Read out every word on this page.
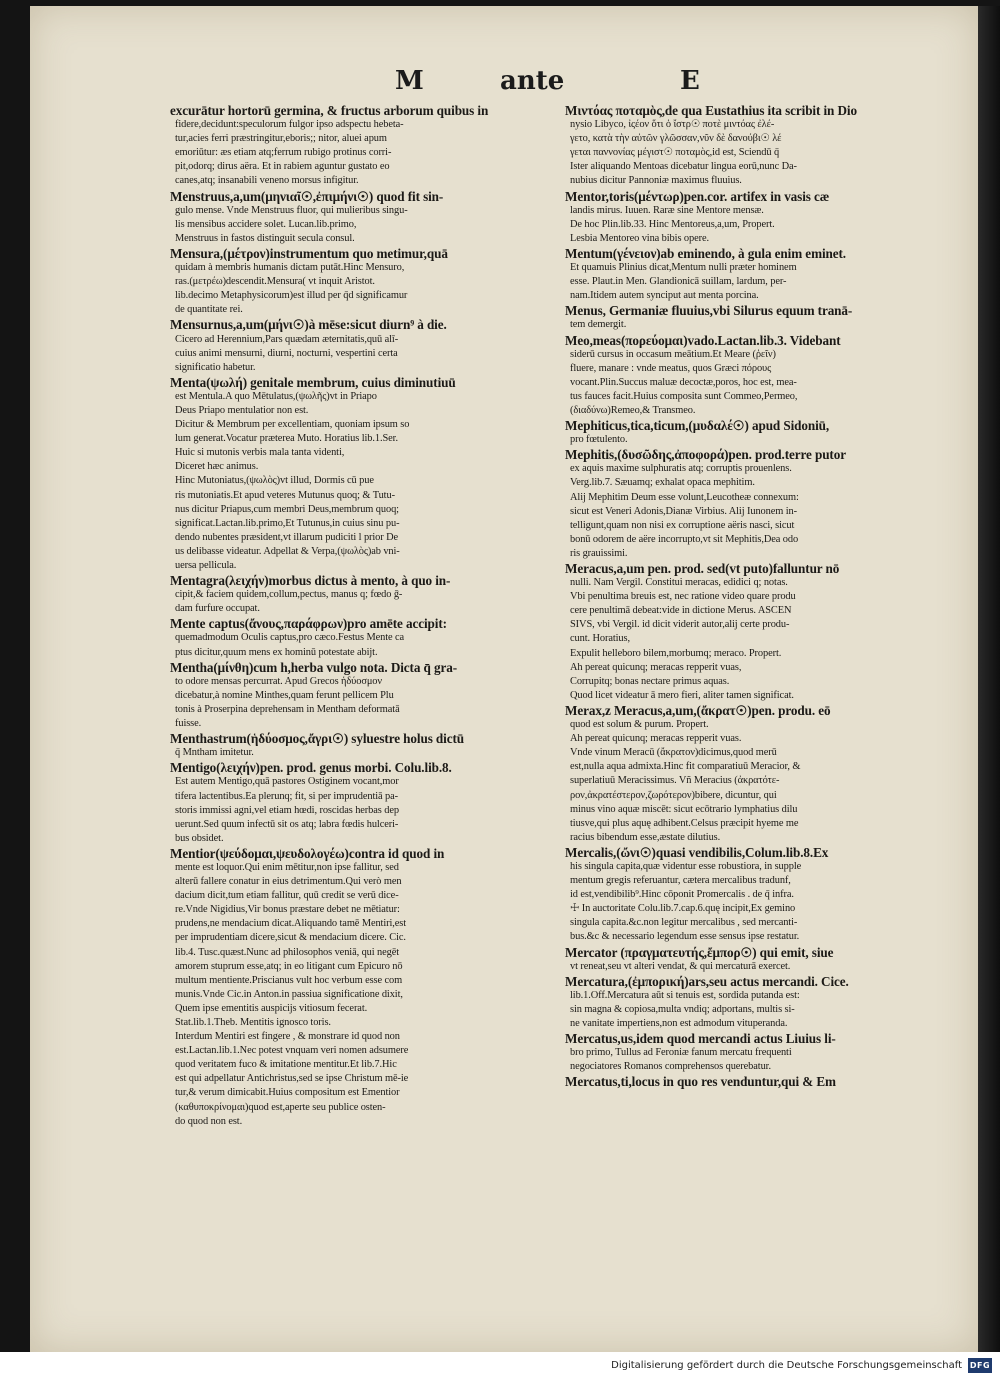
M	ante	E
excurātur hortorū germina, & fructus arborum quibus in
fidere,decidunt:speculorum fulgor ipso adspectu hebeta-
tur,acies ferri præstringitur,eboris;; nitor, aluei apum
emoriūtur: æs etiam atq;ferrum rubigo protinus corri-
pit,odorq; dirus aëra. Et in rabiem aguntur gustato eo
canes,atq; insanabili veneno morsus infigitur.
Menstruus,a,um(μηνιαῖ☉,ἐπιμήνι☉) quod fit sin-
gulo mense. Vnde Menstruus fluor, qui mulieribus singu-
lis mensibus accidere solet. Lucan.lib.primo,
Menstruus in fastos distinguit secula consul.
Mensura,(μέτρον)instrumentum quo metimur,quā
quidam à membris humanis dictam putāt.Hinc Mensuro,
ras.(μετρέω)descendit.Mensura( vt inquit Aristot.
lib.decimo Metaphysicorum)est illud per q̄d significamur
de quantitate rei.
Mensurnus,a,um(μήνι☉)à mēse:sicut diurn⁹ à die.
Cicero ad Herennium,Pars quædam æternitatis,quū alī-
cuius animi mensurni, diurni, nocturni, vespertini certa
significatio habetur.
Menta(ψωλή) genitale membrum, cuius diminutiuū
est Mentula.A quo Mētulatus,(ψωλῆς)vt in Priapo
Deus Priapo mentulatior non est.
Dicitur & Membrum per excellentiam, quoniam ipsum so
lum generat.Vocatur præterea Muto. Horatius lib.1.Ser.
Huic si mutonis verbis mala tanta videnti,
Diceret hæc animus.
Hinc Mutoniatus,(ψωλὸς)vt illud, Dormis cū pue
ris mutoniatis.Et apud veteres Mutunus quoq; & Tutu-
nus dicitur Priapus,cum membri Deus,membrum quoq;
significat.Lactan.lib.primo,Et Tutunus,in cuius sinu pu-
dendo nubentes præsident,vt illarum pudiciti l prior De
us delibasse videatur. Adpellat & Verpa,(ψωλὸς)ab vni-
uersa pellicula.
Mentagra(λειχήν)morbus dictus à mento, à quo in-
cipit,& faciem quidem,collum,pectus, manus q; fœdo ḡ-
dam furfure occupat.
Mente captus(ἄνους,παράφρων)pro amēte accipit:
quemadmodum Oculis captus,pro cæco.Festus Mente ca
ptus dicitur,quum mens ex hominū potestate abijt.
Mentha(μίνθη)cum h,herba vulgo nota. Dicta q̄ gra-
to odore mensas percurrat. Apud Grecos ἡδύοσμον
dicebatur,à nomine Minthes,quam ferunt pellicem Plu
tonis à Proserpina deprehensam in Mentham deformatā
fuisse.
Menthastrum(ἡδύοσμος,ἄγρι☉) syluestre holus dictū
q̄ Mntham imitetur.
Mentigo(λειχήν)pen. prod. genus morbi. Colu.lib.8.
Est autem Mentigo,quā pastores Ostiginem vocant,mor
tifera lactentibus.Ea plerunq; fit, si per imprudentiā pa-
storis immissi agni,vel etiam hœdi, roscidas herbas dep
uerunt.Sed quum infectū sit os atq; labra fœdis hulceri-
bus obsidet.
Mentior(ψεύδομαι,ψευδολογέω)contra id quod in
mente est loquor.Qui enim mētitur,non ipse fallitur, sed
alterū fallere conatur in eius detrimentum.Qui verò men
dacium dicit,tum etiam fallitur, quū credit se verū dice-
re.Vnde Nigidius,Vir bonus præstare debet ne mētiatur:
prudens,ne mendacium dicat.Aliquando tamē Mentiri,est
per imprudentiam dicere,sicut & mendacium dicere. Cic.
lib.4. Tusc.quæst.Nunc ad philosophos veniā, qui negēt
amorem stuprum esse,atq; in eo litigant cum Epicuro nō
multum mentiente.Priscianus vult hoc verbum esse com
munis.Vnde Cic.in Anton.in passiua significatione dixit,
Quem ipse ementitis auspicijs vitiosum fecerat.
Stat.lib.1.Theb. Mentitis ignosco toris.
Interdum Mentiri est fingere , & monstrare id quod non
est.Lactan.lib.1.Nec potest vnquam veri nomen adsumere
quod veritatem fuco & imitatione mentitur.Et lib.7.Hic
est qui adpellatur Antichristus,sed se ipse Christum mē-ie
tur,& verum dimicabit.Huius compositum est Ementior
(καθυποκρίνομαι)quod est,aperte seu publice osten-
do quod non est.
Μιντόας ποταμὸς,de qua Eustathius ita scribit in Dio
nysio Libyco, ἰςέον ὅτι ὁ ἴστρ☉ ποτὲ μιντόας ἐλέ-
γετο, κατὰ τὴν αὐτῶν γλῶσσαν,νῦν δὲ δανούβι☉ λέ
γεται παννονίας μέγιστ☉ ποταμὸς,id est, Sciendū q̄
Ister aliquando Mentoas dicebatur lingua eorū,nunc Da-
nubius dicitur Pannoniæ maximus fluuius.
Mentor,toris(μέντωρ)pen.cor. artifex in vasis cæ
landis mirus. Iuuen. Raræ sine Mentore mensæ.
De hoc Plin.lib.33. Hinc Mentoreus,a,um, Propert.
Lesbia Mentoreo vina bibis opere.
Mentum(γένειον)ab eminendo, à gula enim eminet.
Et quamuis Plinius dicat,Mentum nulli præter hominem
esse. Plaut.in Men. Glandionicā suillam, lardum, per-
nam.Itidem autem synciput aut menta porcina.
Menus, Germaniæ fluuius,vbi Silurus equum tranā-
tem demergit.
Meo,meas(πορεύομαι)vado.Lactan.lib.3. Videbant
siderū cursus in occasum meātium.Et Meare (ῥεῖν)
fluere, manare : vnde meatus, quos Græci πόρους
vocant.Plin.Succus maluæ decoctæ,poros, hoc est, mea-
tus fauces facit.Huius composita sunt Commeo,Permeo,
(διαδύνω)Remeo,& Transmeo.
Mephiticus,tica,ticum,(μυδαλέ☉) apud Sidoniū,
pro fœtulento.
Mephitis,(δυσῶδης,ἀποφορά)pen. prod.terre putor
ex aquis maxime sulphuratis atq; corruptis prouenlens.
Verg.lib.7. Sæuamq; exhalat opaca mephitim.
Alij Mephitim Deum esse volunt,Leucotheæ connexum:
sicut est Veneri Adonis,Dianæ Virbius. Alij Iunonem in-
telligunt,quam non nisi ex corruptione aëris nasci, sicut
bonū odorem de aëre incorrupto,vt sit Mephitis,Dea odo
ris grauissimi.
Meracus,a,um pen. prod. sed(vt puto)falluntur nō
nulli. Nam Vergil. Constitui meracas, edidici q; notas.
Vbi penultima breuis est, nec ratione video quare produ
cere penultimā debeat:vide in dictione Merus. ASCEN
SIVS, vbi Vergil. id dicit viderit autor,alij certe produ-
cunt. Horatius,
Expulit helleboro bilem,morbumq; meraco. Propert.
Ah pereat quicunq; meracas repperit vuas,
Corrupitq; bonas nectare primus aquas.
Quod licet videatur ā mero fieri, aliter tamen significat.
Merax,z Meracus,a,um,(ἄκρατ☉)pen. produ. eō
quod est solum & purum. Propert.
Ah pereat quicunq; meracas repperit vuas.
Vnde vinum Meracū (ἄκρατον)dicimus,quod merū
est,nulla aqua admixta.Hinc fit comparatiuū Meracior, &
superlatiuū Meracissimus. Vñ Meracius (ἀκρατότε-
ρον,ἀκρατέστερον,ζωρότερον)bibere, dicuntur, qui
minus vino aquæ miscēt: sicut ecōtrario lymphatius dilu
tiusve,qui plus aquę adhibent.Celsus præcipit hyeme me
racius bibendum esse,æstate dilutius.
Mercalis,(ὤνι☉)quasi vendibilis,Colum.lib.8.Ex
his singula capita,quæ videntur esse robustiora, in supple
mentum gregis referuantur, cætera mercalibus tradunf,
id est,vendibilib⁹.Hinc cōponit Promercalis . de q̄ infra.
☩ In auctoritate Colu.lib.7.cap.6.quę incipit,Ex gemino
singula capita.&c.non legitur mercalibus , sed mercanti-
bus.&c & necessario legendum esse sensus ipse restatur.
Mercator (πραγματευτής,ἔμπορ☉) qui emit, siue
vt reneat,seu vt alteri vendat, & qui mercaturā exercet.
Mercatura,(ἐμπορική)ars,seu actus mercandi. Cice.
lib.1.Off.Mercatura aūt si tenuis est, sordida putanda est:
sin magna & copiosa,multa vndiq; adportans, multis si-
ne vanitate impertiens,non est admodum vituperanda.
Mercatus,us,idem quod mercandi actus Liuius li-
bro primo, Tullus ad Feroniæ fanum mercatu frequenti
negociatores Romanos comprehensos querebatur.
Mercatus,ti,locus in quo res venduntur,qui & Em
Digitalisierung gefördert durch die Deutsche Forschungsgemeinschaft DFG
